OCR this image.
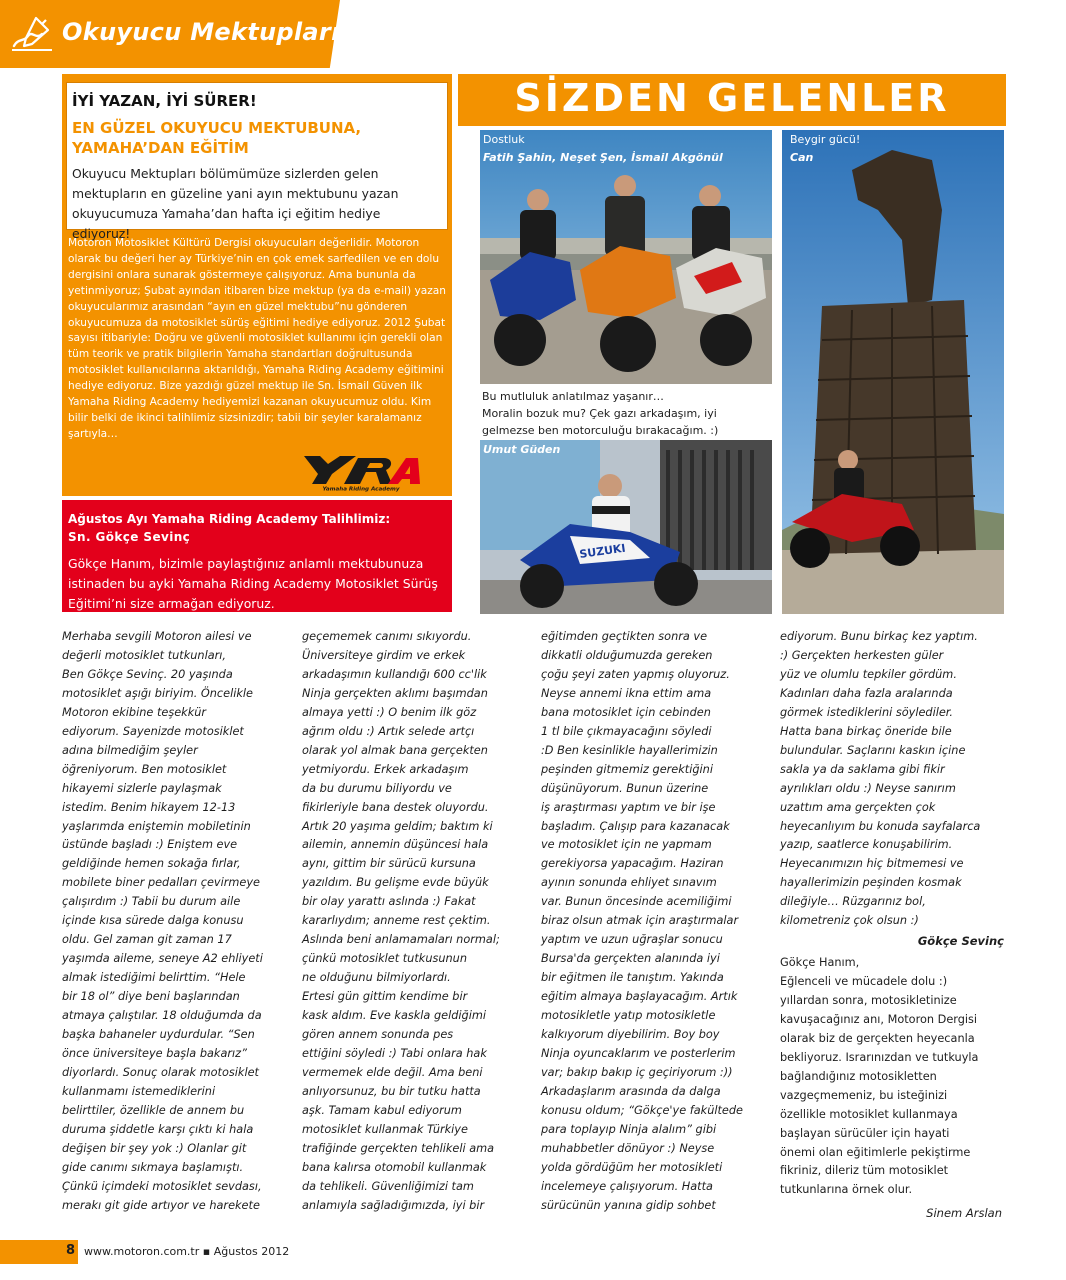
Okuyucu Mektupları
İYİ YAZAN, İYİ SÜRER!
EN GÜZEL OKUYUCU MEKTUBUNA, YAMAHA’DAN EĞİTİM
Okuyucu Mektupları bölümümüze sizlerden gelen mektupların en güzeline yani ayın mektubunu yazan okuyucumuza Yamaha’dan hafta içi eğitim hediye ediyoruz!
Motoron Motosiklet Kültürü Dergisi okuyucuları değerlidir. Motoron olarak bu değeri her ay Türkiye’nin en çok emek sarfedilen ve en dolu dergisini onlara sunarak göstermeye çalışıyoruz. Ama bununla da yetinmiyoruz; Şubat ayından itibaren bize mektup (ya da e-mail) yazan okuyucularımız arasından “ayın en güzel mektubu”nu gönderen okuyucumuza da motosiklet sürüş eğitimi hediye ediyoruz. 2012 Şubat sayısı itibariyle: Doğru ve güvenli motosiklet kullanımı için gerekli olan tüm teorik ve pratik bilgilerin Yamaha standartları doğrultusunda motosiklet kullanıcılarına aktarıldığı, Yamaha Riding Academy eğitimini hediye ediyoruz. Bize yazdığı güzel mektup ile Sn. İsmail Güven ilk Yamaha Riding Academy hediyemizi kazanan okuyucumuz oldu. Kim bilir belki de ikinci talihlimiz sizsinizdir; tabii bir şeyler karalamanız şartıyla…
Yamaha Riding Academy
Ağustos Ayı Yamaha Riding Academy Talihlimiz:
Sn. Gökçe Sevinç
Gökçe Hanım, bizimle paylaştığınız anlamlı mektubunuza istinaden bu ayki Yamaha Riding Academy Motosiklet Sürüş Eğitimi’ni size armağan ediyoruz.
SİZDEN GELENLER
Dostluk
Fatih Şahin, Neşet Şen, İsmail Akgönül
Bu mutluluk anlatılmaz yaşanır…
Moralin bozuk mu? Çek gazı arkadaşım, iyi gelmezse ben motorculuğu bırakacağım. :)
SUZUKI
Umut Güden
Beygir gücü!
Can
Merhaba sevgili Motoron ailesi ve
değerli motosiklet tutkunları,
Ben Gökçe Sevinç. 20 yaşında
motosiklet aşığı biriyim. Öncelikle
Motoron ekibine teşekkür
ediyorum. Sayenizde motosiklet
adına bilmediğim şeyler
öğreniyorum. Ben motosiklet
hikayemi sizlerle paylaşmak
istedim. Benim hikayem 12-13
yaşlarımda eniştemin mobiletinin
üstünde başladı :) Eniştem eve
geldiğinde hemen sokağa fırlar,
mobilete biner pedalları çevirmeye
çalışırdım :) Tabii bu durum aile
içinde kısa sürede dalga konusu
oldu. Gel zaman git zaman 17
yaşımda aileme, seneye A2 ehliyeti
almak istediğimi belirttim. “Hele
bir 18 ol” diye beni başlarından
atmaya çalıştılar. 18 olduğumda da
başka bahaneler uydurdular. “Sen
önce üniversiteye başla bakarız”
diyorlardı. Sonuç olarak motosiklet
kullanmamı istemediklerini
belirttiler, özellikle de annem bu
duruma şiddetle karşı çıktı ki hala
değişen bir şey yok :) Olanlar git
gide canımı sıkmaya başlamıştı.
Çünkü içimdeki motosiklet sevdası,
merakı git gide artıyor ve harekete
geçememek canımı sıkıyordu.
Üniversiteye girdim ve erkek
arkadaşımın kullandığı 600 cc'lik
Ninja gerçekten aklımı başımdan
almaya yetti :) O benim ilk göz
ağrım oldu :) Artık selede artçı
olarak yol almak bana gerçekten
yetmiyordu. Erkek arkadaşım
da bu durumu biliyordu ve
fikirleriyle bana destek oluyordu.
Artık 20 yaşıma geldim; baktım ki
ailemin, annemin düşüncesi hala
aynı, gittim bir sürücü kursuna
yazıldım. Bu gelişme evde büyük
bir olay yarattı aslında :) Fakat
kararlıydım; anneme rest çektim.
Aslında beni anlamamaları normal;
çünkü motosiklet tutkusunun
ne olduğunu bilmiyorlardı.
Ertesi gün gittim kendime bir
kask aldım. Eve kaskla geldiğimi
gören annem sonunda pes
ettiğini söyledi :) Tabi onlara hak
vermemek elde değil. Ama beni
anlıyorsunuz, bu bir tutku hatta
aşk. Tamam kabul ediyorum
motosiklet kullanmak Türkiye
trafiğinde gerçekten tehlikeli ama
bana kalırsa otomobil kullanmak
da tehlikeli. Güvenliğimizi tam
anlamıyla sağladığımızda, iyi bir
eğitimden geçtikten sonra ve
dikkatli olduğumuzda gereken
çoğu şeyi zaten yapmış oluyoruz.
Neyse annemi ikna ettim ama
bana motosiklet için cebinden
1 tl bile çıkmayacağını söyledi
:D Ben kesinlikle hayallerimizin
peşinden gitmemiz gerektiğini
düşünüyorum. Bunun üzerine
iş araştırması yaptım ve bir işe
başladım. Çalışıp para kazanacak
ve motosiklet için ne yapmam
gerekiyorsa yapacağım. Haziran
ayının sonunda ehliyet sınavım
var. Bunun öncesinde acemiliğimi
biraz olsun atmak için araştırmalar
yaptım ve uzun uğraşlar sonucu
Bursa'da gerçekten alanında iyi
bir eğitmen ile tanıştım. Yakında
eğitim almaya başlayacağım. Artık
motosikletle yatıp motosikletle
kalkıyorum diyebilirim. Boy boy
Ninja oyuncaklarım ve posterlerim
var; bakıp bakıp iç geçiriyorum :))
Arkadaşlarım arasında da dalga
konusu oldum; “Gökçe'ye fakültede
para toplayıp Ninja alalım” gibi
muhabbetler dönüyor :) Neyse
yolda gördüğüm her motosikleti
incelemeye çalışıyorum. Hatta
sürücünün yanına gidip sohbet
ediyorum. Bunu birkaç kez yaptım.
:) Gerçekten herkesten güler
yüz ve olumlu tepkiler gördüm.
Kadınları daha fazla aralarında
görmek istediklerini söylediler.
Hatta bana birkaç öneride bile
bulundular. Saçlarını kaskın içine
sakla ya da saklama gibi fikir
ayrılıkları oldu :) Neyse sanırım
uzattım ama gerçekten çok
heyecanlıyım bu konuda sayfalarca
yazıp, saatlerce konuşabilirim.
Heyecanımızın hiç bitmemesi ve
hayallerimizin peşinden kosmak
dileğiyle… Rüzgarınız bol,
kilometreniz çok olsun :)
Gökçe Sevinç
Gökçe Hanım,
Eğlenceli ve mücadele dolu :)
yıllardan sonra, motosikletinize
kavuşacağınız anı, Motoron Dergisi
olarak biz de gerçekten heyecanla
bekliyoruz. Israrınızdan ve tutkuyla
bağlandığınız motosikletten
vazgeçmemeniz, bu isteğinizi
özellikle motosiklet kullanmaya
başlayan sürücüler için hayati
önemi olan eğitimlerle pekiştirme
fikriniz, dileriz tüm motosiklet
tutkunlarına örnek olur.
Sinem Arslan
8 www.motoron.com.tr ▪ Ağustos 2012
